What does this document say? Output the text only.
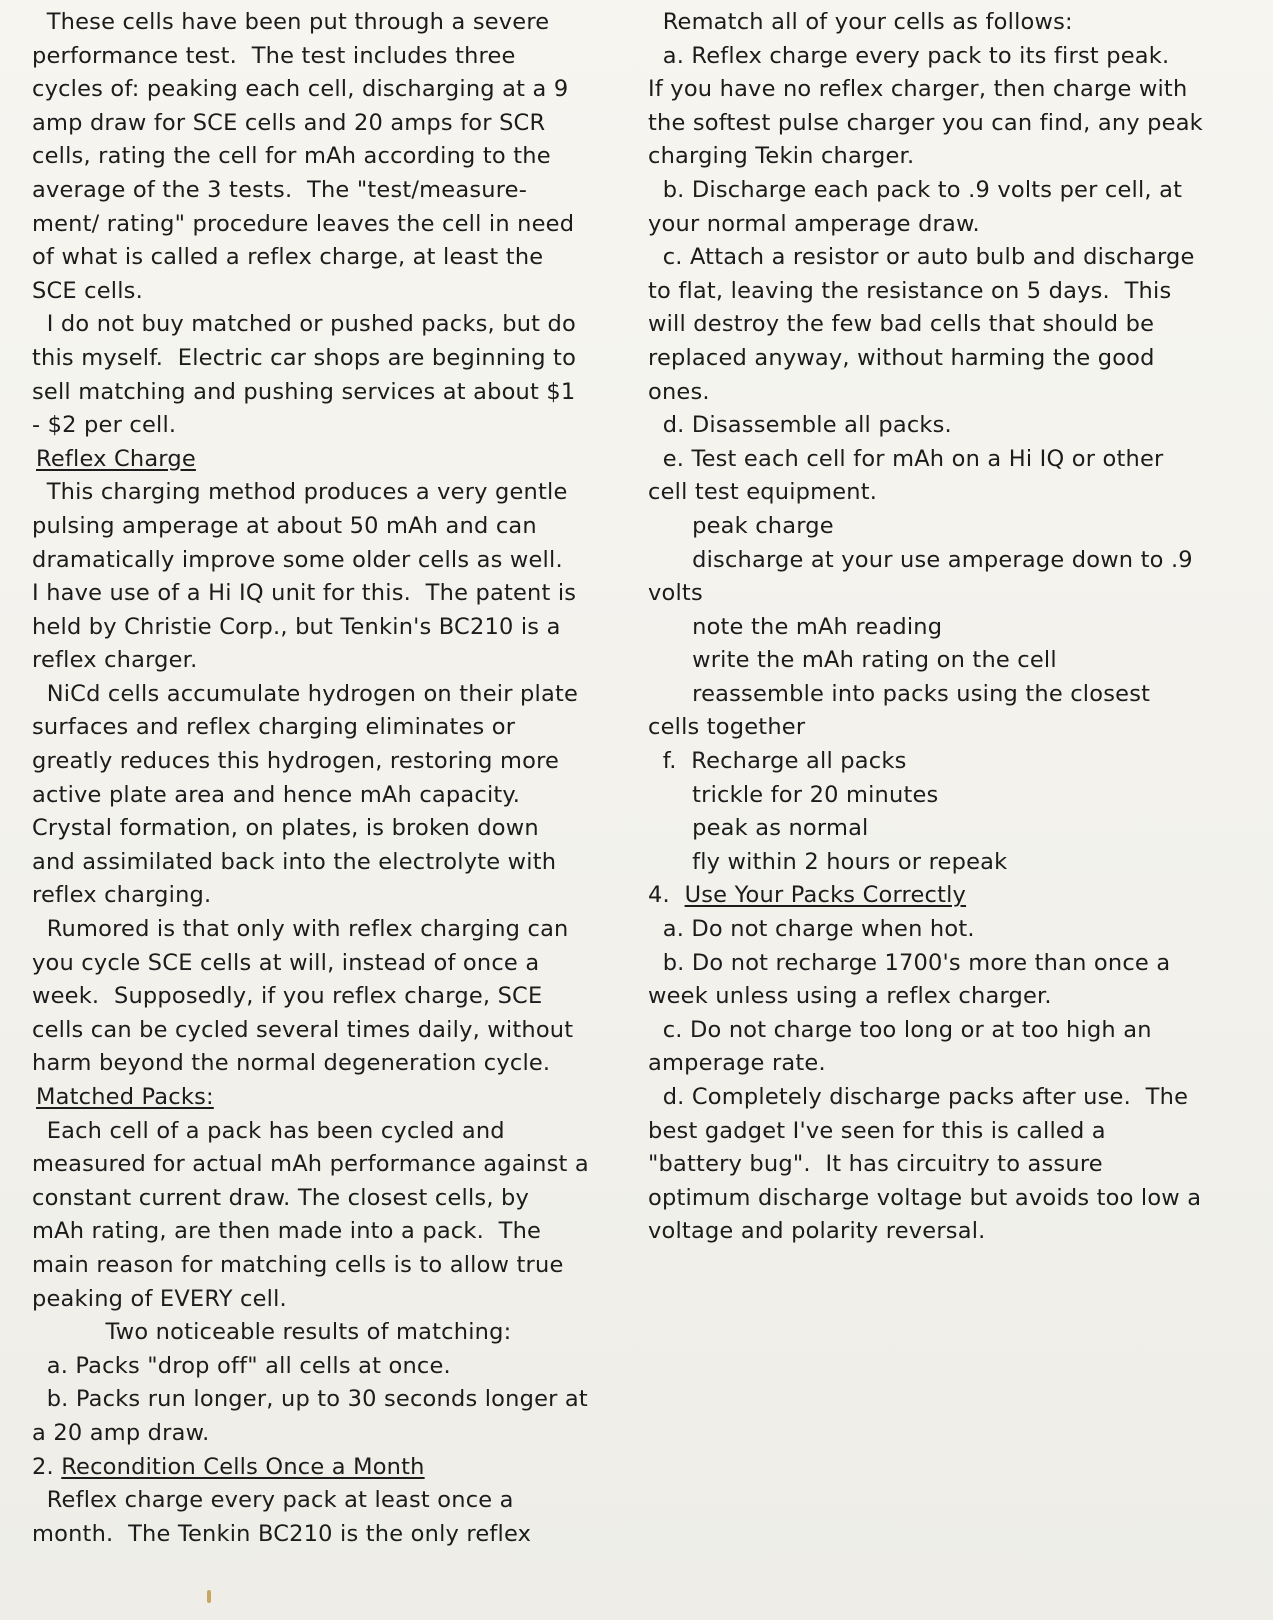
These cells have been put through a severe

performance test.  The test includes three

cycles of: peaking each cell, discharging at a 9

amp draw for SCE cells and 20 amps for SCR

cells, rating the cell for mAh according to the

average of the 3 tests.  The "test/measure-

ment/ rating" procedure leaves the cell in need

of what is called a reflex charge, at least the

SCE cells.

I do not buy matched or pushed packs, but do

this myself.  Electric car shops are beginning to

sell matching and pushing services at about $1

- $2 per cell.

Reflex Charge

This charging method produces a very gentle

pulsing amperage at about 50 mAh and can

dramatically improve some older cells as well.

I have use of a Hi IQ unit for this.  The patent is

held by Christie Corp., but Tenkin's BC210 is a

reflex charger.

NiCd cells accumulate hydrogen on their plate

surfaces and reflex charging eliminates or

greatly reduces this hydrogen, restoring more

active plate area and hence mAh capacity.

Crystal formation, on plates, is broken down

and assimilated back into the electrolyte with

reflex charging.

Rumored is that only with reflex charging can

you cycle SCE cells at will, instead of once a

week.  Supposedly, if you reflex charge, SCE

cells can be cycled several times daily, without

harm beyond the normal degeneration cycle.

Matched Packs:

Each cell of a pack has been cycled and

measured for actual mAh performance against a

constant current draw. The closest cells, by

mAh rating, are then made into a pack.  The

main reason for matching cells is to allow true

peaking of EVERY cell.

Two noticeable results of matching:

a. Packs "drop off" all cells at once.

b. Packs run longer, up to 30 seconds longer at

a 20 amp draw.

2. Recondition Cells Once a Month

Reflex charge every pack at least once a

month.  The Tenkin BC210 is the only reflex

Rematch all of your cells as follows:

a. Reflex charge every pack to its first peak.

If you have no reflex charger, then charge with

the softest pulse charger you can find, any peak

charging Tekin charger.

b. Discharge each pack to .9 volts per cell, at

your normal amperage draw.

c. Attach a resistor or auto bulb and discharge

to flat, leaving the resistance on 5 days.  This

will destroy the few bad cells that should be

replaced anyway, without harming the good

ones.

d. Disassemble all packs.

e. Test each cell for mAh on a Hi IQ or other

cell test equipment.

peak charge

discharge at your use amperage down to .9

volts

note the mAh reading

write the mAh rating on the cell

reassemble into packs using the closest

cells together

f.  Recharge all packs

trickle for 20 minutes

peak as normal

fly within 2 hours or repeak

4.  Use Your Packs Correctly

a. Do not charge when hot.

b. Do not recharge 1700's more than once a

week unless using a reflex charger.

c. Do not charge too long or at too high an

amperage rate.

d. Completely discharge packs after use.  The

best gadget I've seen for this is called a

"battery bug".  It has circuitry to assure

optimum discharge voltage but avoids too low a

voltage and polarity reversal.
